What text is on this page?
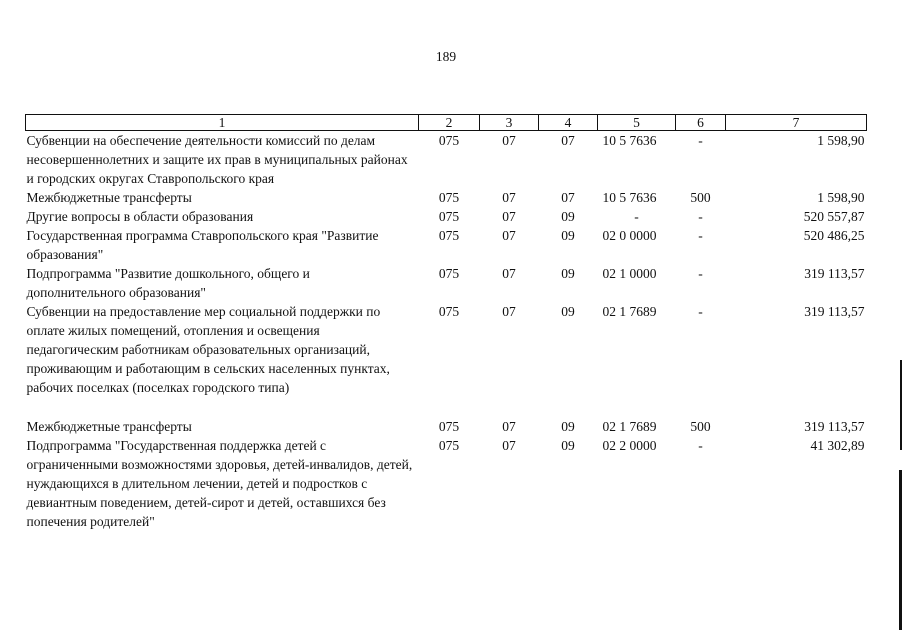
189
1	2	3	4	5	6	7
Субвенции на обеспечение деятельности комиссий по делам несовершеннолетних и защите их прав в муниципальных районах и городских округах Ставропольского края	075	07	07	10 5 7636	-	1 598,90
Межбюджетные трансферты	075	07	07	10 5 7636	500	1 598,90
Другие вопросы в области образования	075	07	09	-	-	520 557,87
Государственная программа Ставропольского края "Развитие образования"	075	07	09	02 0 0000	-	520 486,25
Подпрограмма "Развитие дошкольного, общего и дополнительного образования"	075	07	09	02 1 0000	-	319 113,57
Субвенции на предоставление мер социальной поддержки по оплате жилых помещений, отопления и освещения педагогическим работникам образовательных организаций, проживающим и работающим в сельских населенных пунктах, рабочих поселках (поселках городского типа)	075	07	09	02 1 7689	-	319 113,57

Межбюджетные трансферты	075	07	09	02 1 7689	500	319 113,57
Подпрограмма "Государственная поддержка детей с ограниченными возможностями здоровья, детей-инвалидов, детей, нуждающихся в длительном лечении, детей и подростков с девиантным поведением, детей-сирот и детей, оставшихся без попечения родителей"	075	07	09	02 2 0000	-	41 302,89
